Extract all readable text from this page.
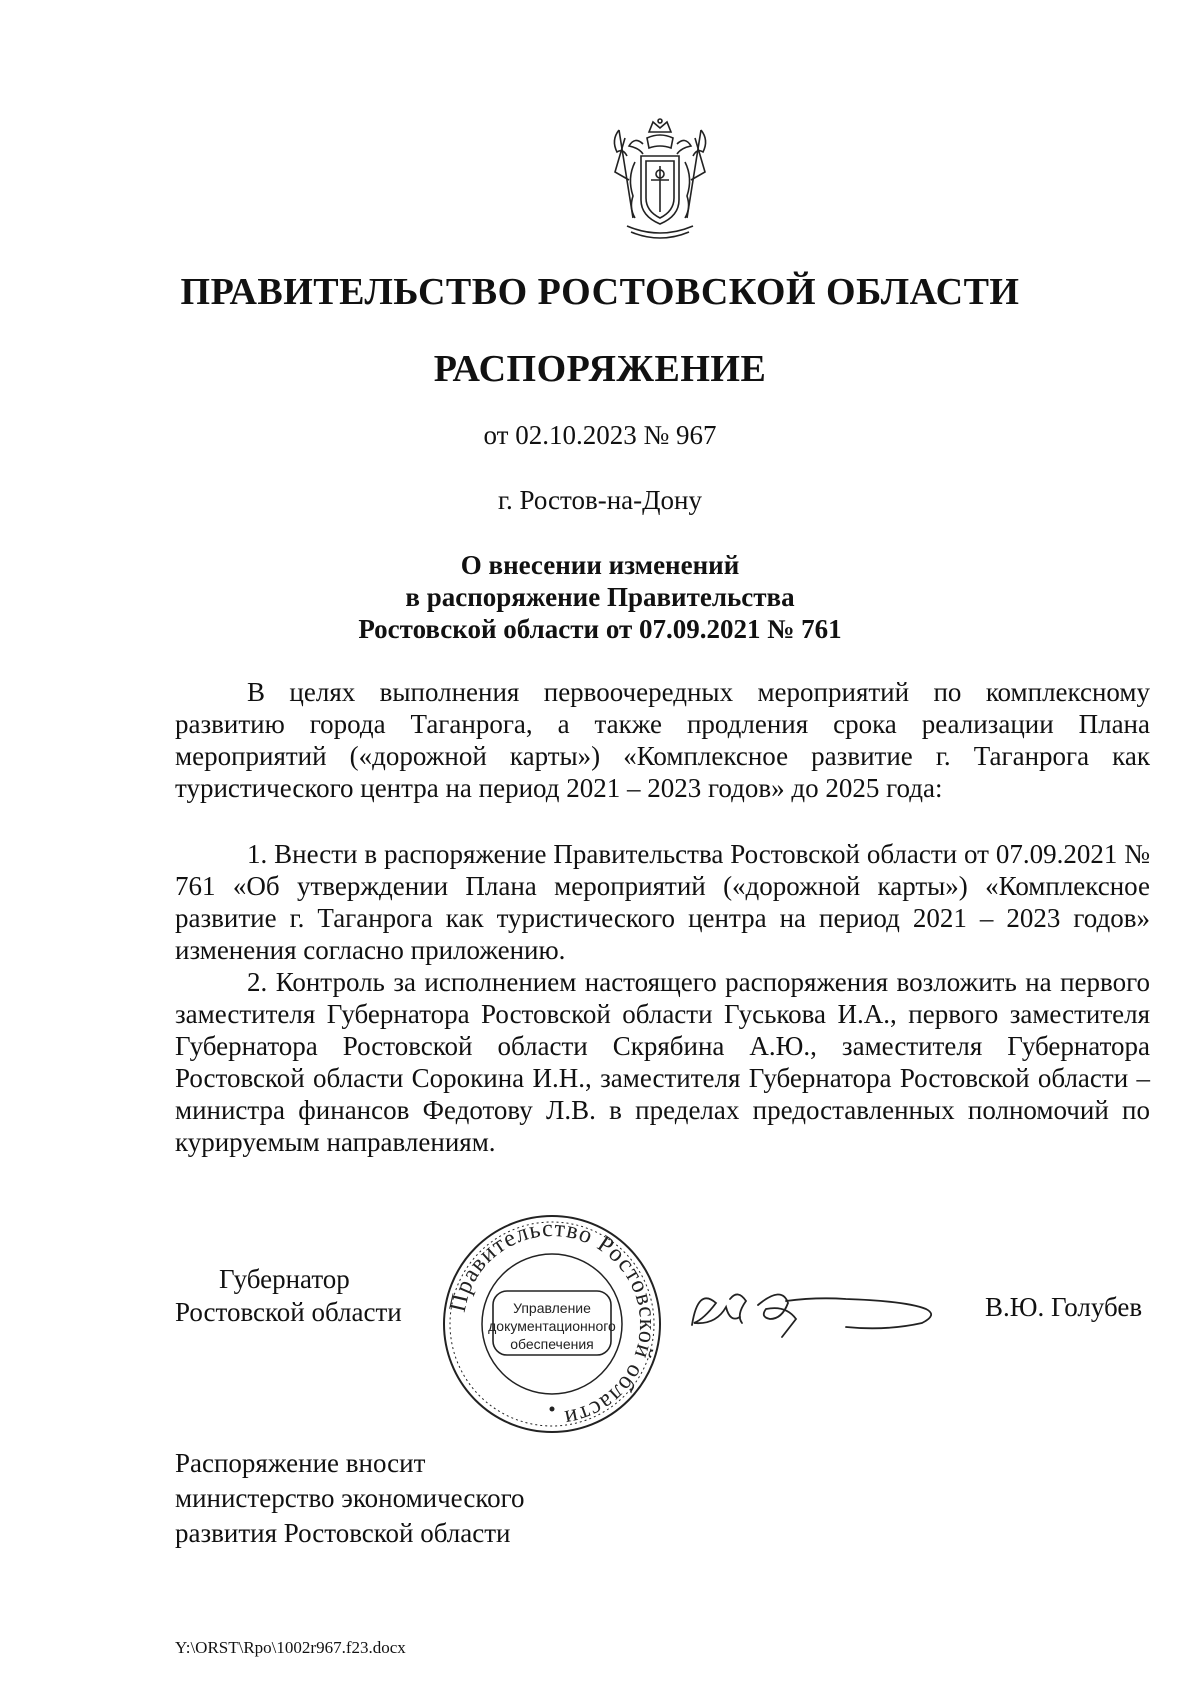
ПРАВИТЕЛЬСТВО РОСТОВСКОЙ ОБЛАСТИ
РАСПОРЯЖЕНИЕ
от 02.10.2023 № 967
г. Ростов-на-Дону
О внесении изменений
в распоряжение Правительства
Ростовской области от 07.09.2021 № 761

В целях выполнения первоочередных мероприятий по комплексному развитию города Таганрога, а также продления срока реализации Плана мероприятий («дорожной карты») «Комплексное развитие г. Таганрога как туристического центра на период 2021 – 2023 годов» до 2025 года:

1. Внести в распоряжение Правительства Ростовской области от 07.09.2021 № 761 «Об утверждении Плана мероприятий («дорожной карты») «Комплексное развитие г. Таганрога как туристического центра на период 2021 – 2023 годов» изменения согласно приложению.

2. Контроль за исполнением настоящего распоряжения возложить на первого заместителя Губернатора Ростовской области Гуськова И.А., первого заместителя Губернатора Ростовской области Скрябина А.Ю., заместителя Губернатора Ростовской области Сорокина И.Н., заместителя Губернатора Ростовской области – министра финансов Федотову Л.В. в пределах предоставленных полномочий по курируемым направлениям.

Губернатор
Ростовской области Правительство Ростовской области
Управление
документационного
обеспечения
В.Ю. Голубев
Распоряжение вносит
министерство экономического
развития Ростовской области
Y:\ORST\Rpo\1002r967.f23.docx
